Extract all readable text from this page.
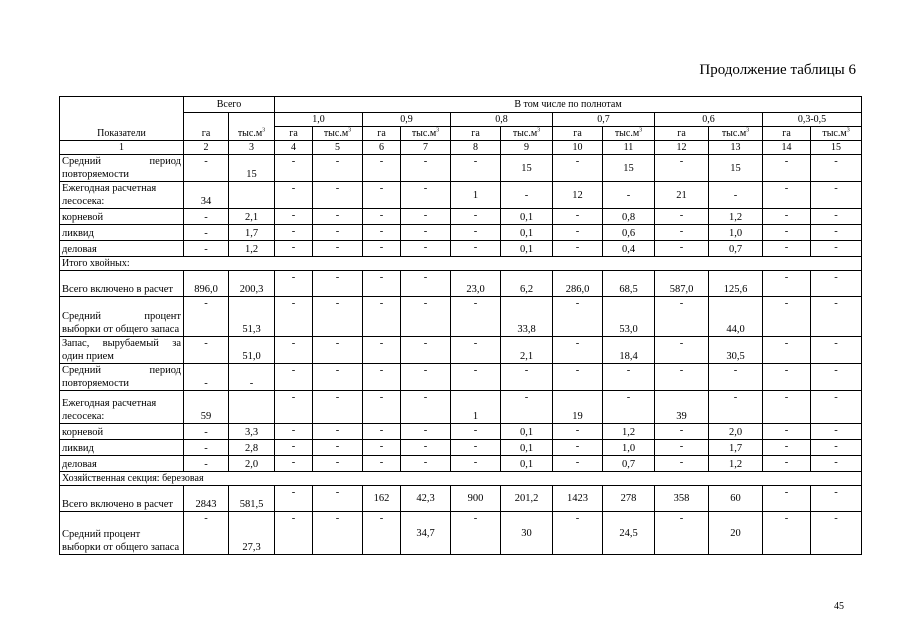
Продолжение таблицы 6
Показатели	Всего		В том числе по полнотам											
			1,0		0,9		0,8		0,7		0,6		0,3-0,5	
	га	$тыс.м^3$	га	$тыс.м^3$	га	$тыс.м^3$	га	$тыс.м^3$	га	$тыс.м^3$	га	$тыс.м^3$	га	$тыс.м^3$
1	2	3	4	5	6	7	8	9	10	11	12	13	14	15
Средний период повторяемости	-	15	-	-	-	-	-	15	-	15	-	15	-	-
Ежегодная расчетная лесосека:	34		-	-	-	-	1	-	12	-	21	-	-	-
корневой	-	2,1	-	-	-	-	-	0,1	-	0,8	-	1,2	-	-
ликвид	-	1,7	-	-	-	-	-	0,1	-	0,6	-	1,0	-	-
деловая	-	1,2	-	-	-	-	-	0,1	-	0,4	-	0,7	-	-
Итого хвойных:														
Всего включено в расчет	896,0	200,3	-	-	-	-	23,0	6,2	286,0	68,5	587,0	125,6	-	-
Средний процент выборки от общего запаса	-	51,3	-	-	-	-	-	33,8	-	53,0	-	44,0	-	-
Запас, вырубаемый за один прием	-	51,0	-	-	-	-	-	2,1	-	18,4	-	30,5	-	-
Средний период повторяемости	-	-	-	-	-	-	-	-	-	-	-	-	-	-
Ежегодная расчетная лесосека:	59		-	-	-	-	1	-	19	-	39	-	-	-
корневой	-	3,3	-	-	-	-	-	0,1	-	1,2	-	2,0	-	-
ликвид	-	2,8	-	-	-	-	-	0,1	-	1,0	-	1,7	-	-
деловая	-	2,0	-	-	-	-	-	0,1	-	0,7	-	1,2	-	-
Хозяйственная секция: березовая														
Всего включено в расчет	2843	581,5	-	-	162	42,3	900	201,2	1423	278	358	60	-	-
Средний процент выборки от общего запаса	-	27,3	-	-	-	34,7	-	30	-	24,5	-	20	-	-
45
